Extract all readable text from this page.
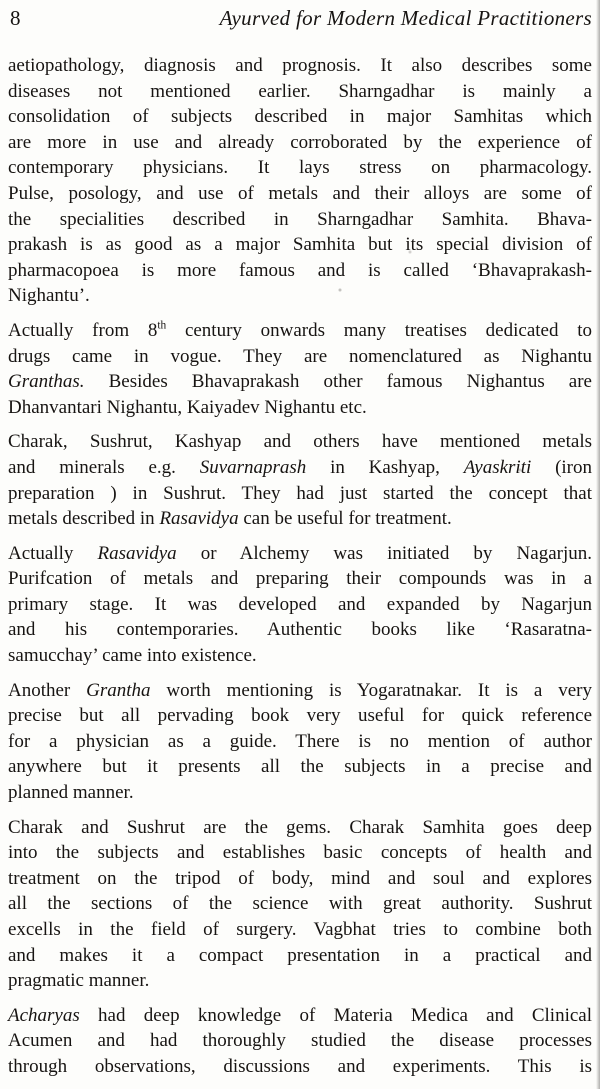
8	Ayurved for Modern Medical Practitioners
aetiopathology, diagnosis and prognosis. It also describes some
diseases not mentioned earlier. Sharngadhar is mainly a
consolidation of subjects described in major Samhitas which
are more in use and already corroborated by the experience of
contemporary physicians. It lays stress on pharmacology.
Pulse, posology, and use of metals and their alloys are some of
the specialities described in Sharngadhar Samhita. Bhava-
prakash is as good as a major Samhita but its special division of
pharmacopoea is more famous and is called ‘Bhavaprakash-
Nighantu’.
Actually from 8th century onwards many treatises dedicated to
drugs came in vogue. They are nomenclatured as Nighantu
Granthas. Besides Bhavaprakash other famous Nighantus are
Dhanvantari Nighantu, Kaiyadev Nighantu etc.
Charak, Sushrut, Kashyap and others have mentioned metals
and minerals e.g. Suvarnaprash in Kashyap, Ayaskriti (iron
preparation ) in Sushrut. They had just started the concept that
metals described in Rasavidya can be useful for treatment.
Actually Rasavidya or Alchemy was initiated by Nagarjun.
Purifcation of metals and preparing their compounds was in a
primary stage. It was developed and expanded by Nagarjun
and his contemporaries. Authentic books like ‘Rasaratna-
samucchay’ came into existence.
Another Grantha worth mentioning is Yogaratnakar. It is a very
precise but all pervading book very useful for quick reference
for a physician as a guide. There is no mention of author
anywhere but it presents all the subjects in a precise and
planned manner.
Charak and Sushrut are the gems. Charak Samhita goes deep
into the subjects and establishes basic concepts of health and
treatment on the tripod of body, mind and soul and explores
all the sections of the science with great authority. Sushrut
excells in the field of surgery. Vagbhat tries to combine both
and makes it a compact presentation in a practical and
pragmatic manner.
Acharyas had deep knowledge of Materia Medica and Clinical
Acumen and had thoroughly studied the disease processes
through observations, discussions and experiments. This is
